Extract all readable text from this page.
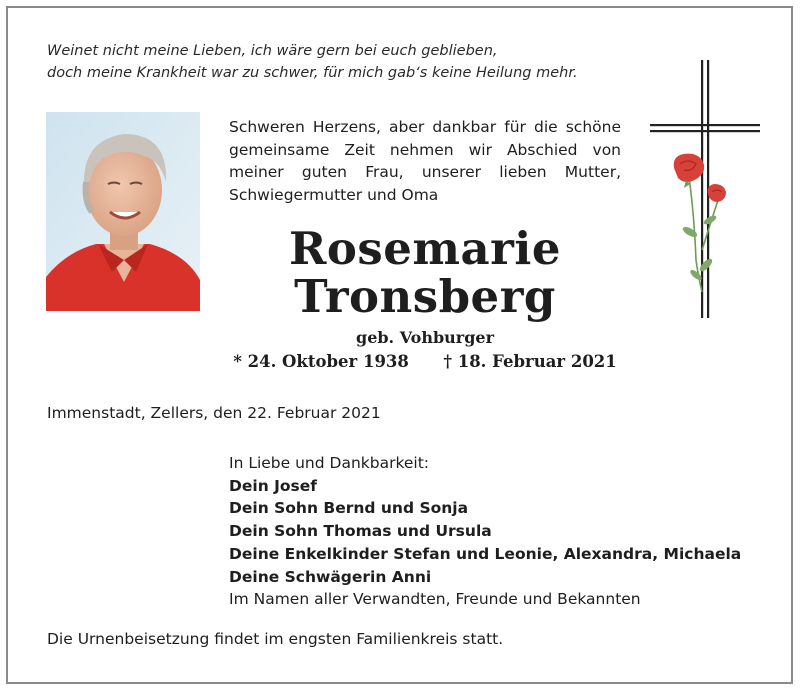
Weinet nicht meine Lieben, ich wäre gern bei euch geblieben,
doch meine Krankheit war zu schwer, für mich gab‘s keine Heilung mehr.
Schweren Herzens, aber dankbar für die schöne gemeinsame Zeit nehmen wir Abschied von meiner guten Frau, unserer lieben Mutter, Schwiegermutter und Oma
Rosemarie
Tronsberg
geb. Vohburger
* 24. Oktober 1938      † 18. Februar 2021
Immenstadt, Zellers, den 22. Februar 2021
In Liebe und Dankbarkeit:
Dein Josef
Dein Sohn Bernd und Sonja
Dein Sohn Thomas und Ursula
Deine Enkelkinder Stefan und Leonie, Alexandra, Michaela
Deine Schwägerin Anni
Im Namen aller Verwandten, Freunde und Bekannten
Die Urnenbeisetzung findet im engsten Familienkreis statt.
